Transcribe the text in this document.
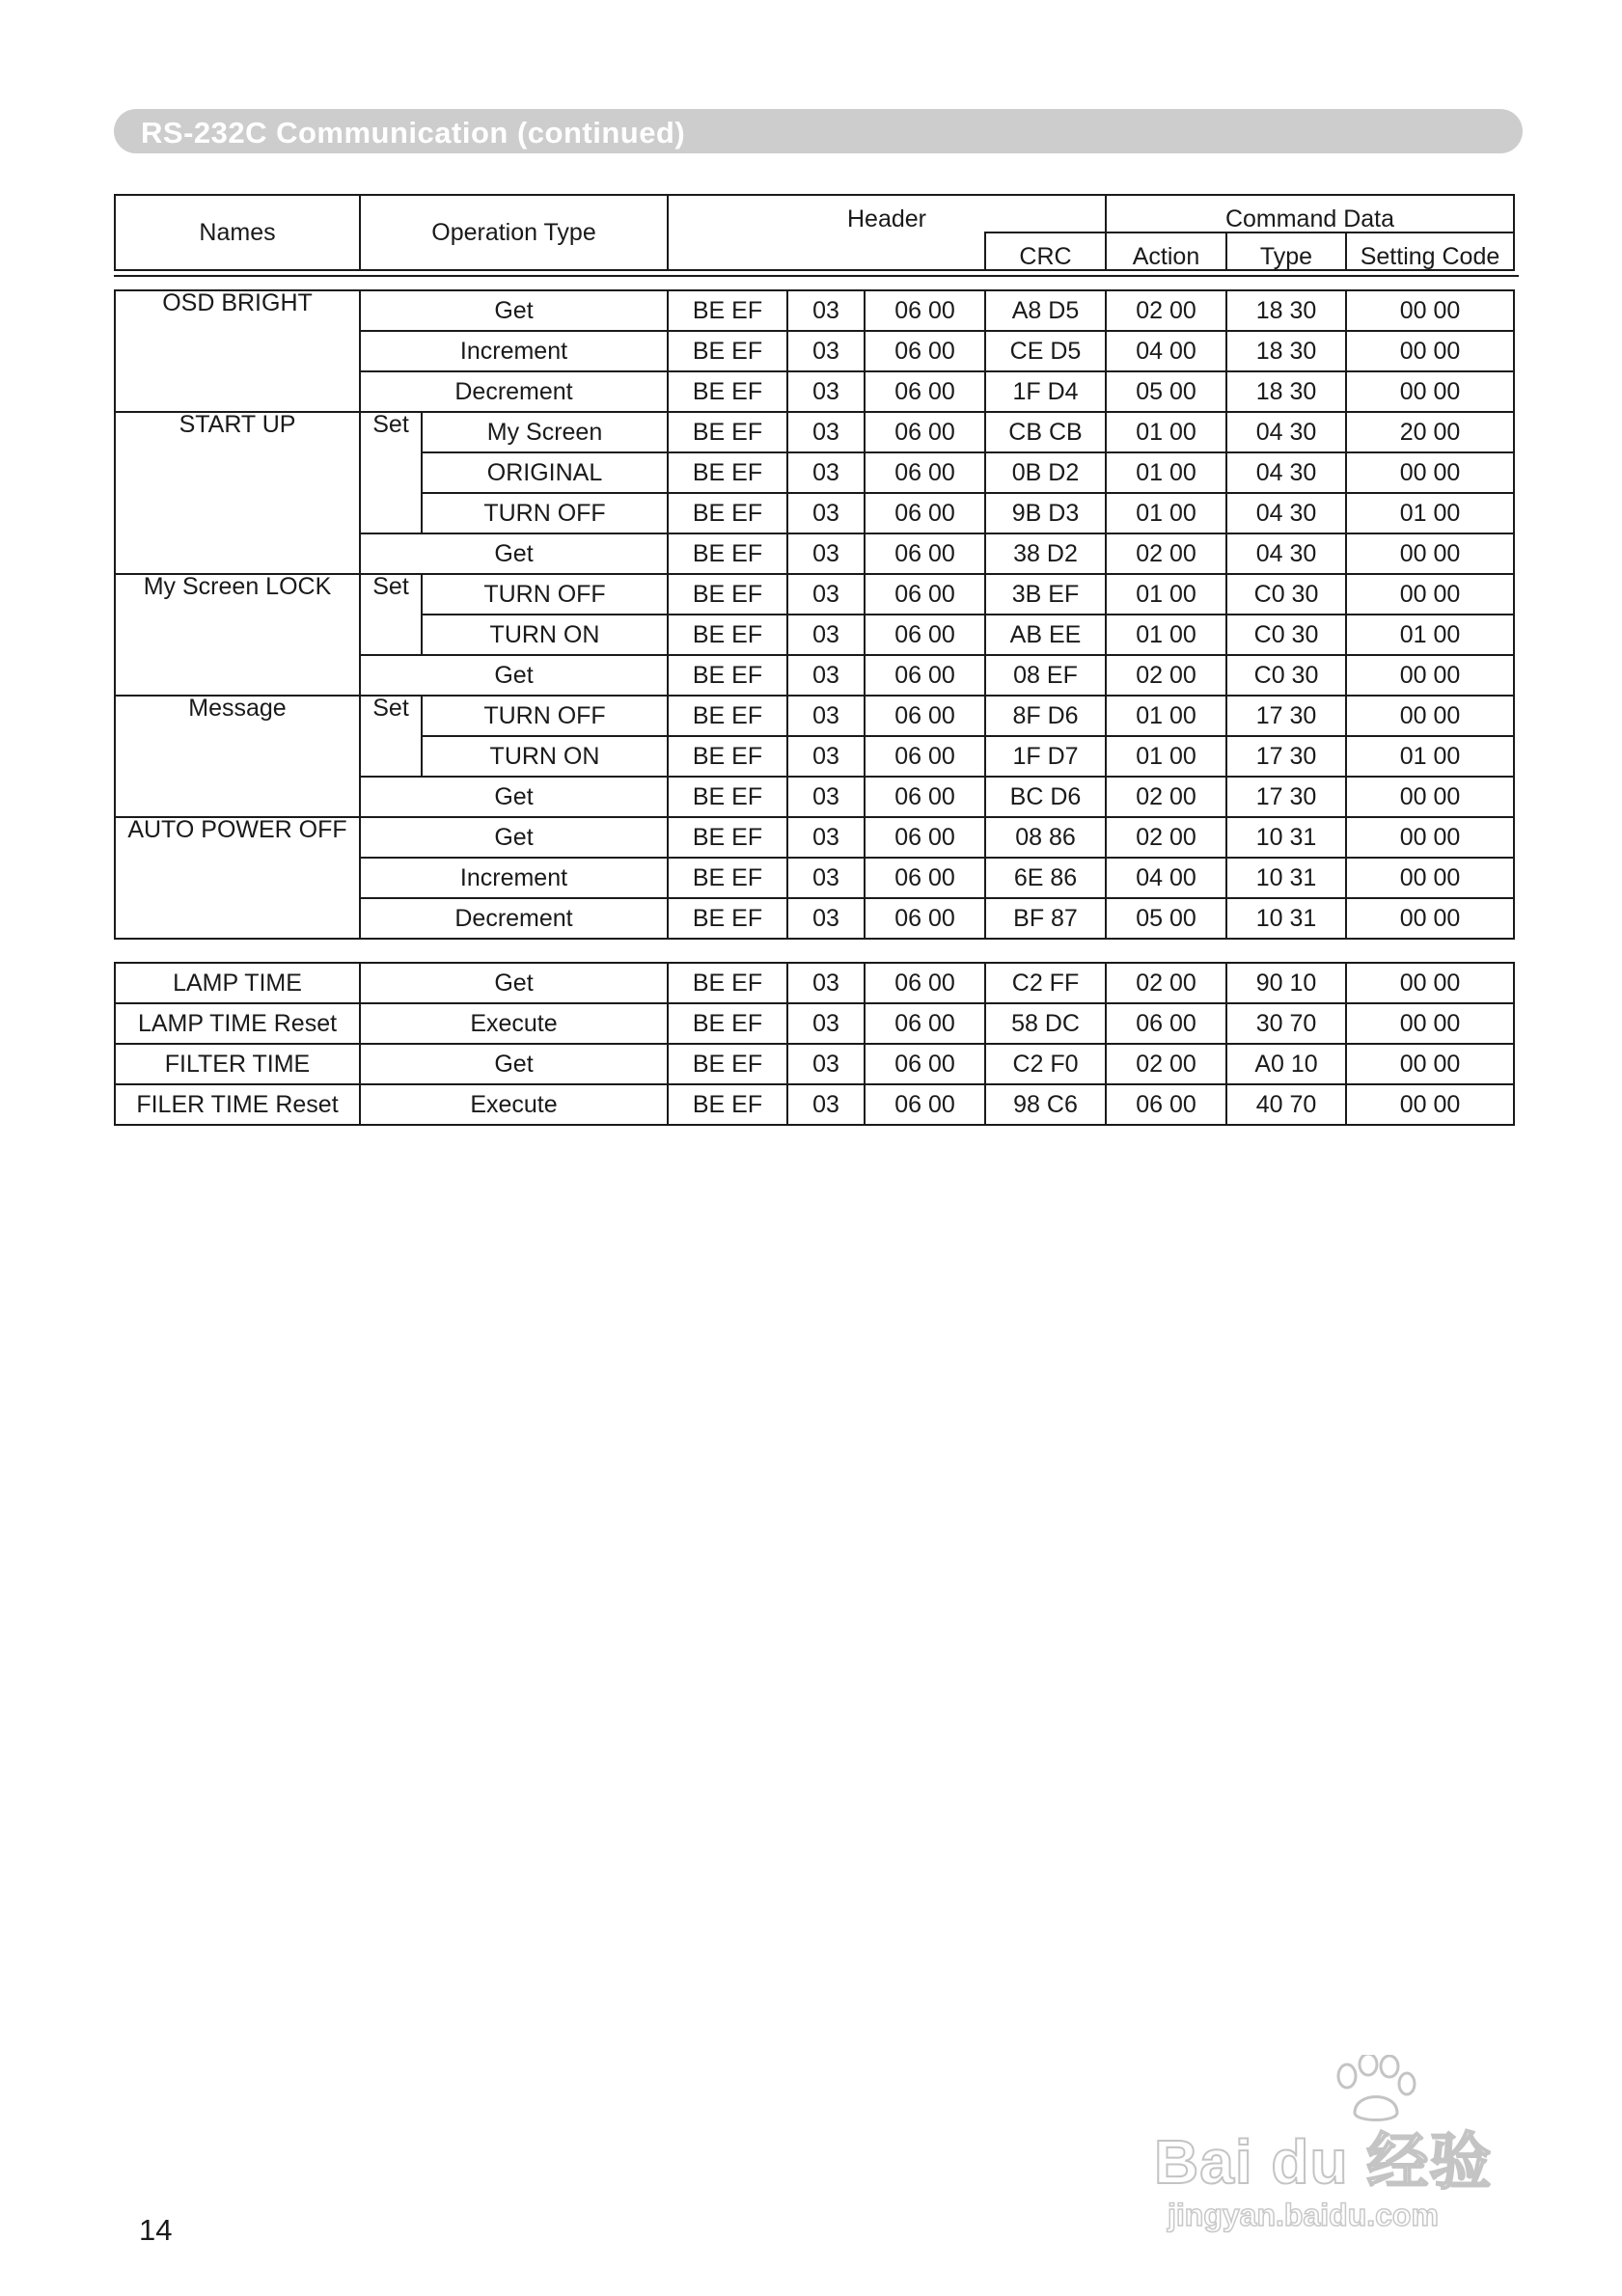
RS-232C Communication (continued)
Names	Operation Type	Header		Command Data		
			CRC	Action	Type	Setting Code
OSD BRIGHT	Get		BE EF	03	06 00	A8 D5	02 00	18 30	00 00
	Increment		BE EF	03	06 00	CE D5	04 00	18 30	00 00
	Decrement		BE EF	03	06 00	1F D4	05 00	18 30	00 00
START UP	Set	My Screen	BE EF	03	06 00	CB CB	01 00	04 30	20 00
		ORIGINAL	BE EF	03	06 00	0B D2	01 00	04 30	00 00
		TURN OFF	BE EF	03	06 00	9B D3	01 00	04 30	01 00
	Get		BE EF	03	06 00	38 D2	02 00	04 30	00 00
My Screen LOCK	Set	TURN OFF	BE EF	03	06 00	3B EF	01 00	C0 30	00 00
		TURN ON	BE EF	03	06 00	AB EE	01 00	C0 30	01 00
	Get		BE EF	03	06 00	08 EF	02 00	C0 30	00 00
Message	Set	TURN OFF	BE EF	03	06 00	8F D6	01 00	17 30	00 00
		TURN ON	BE EF	03	06 00	1F D7	01 00	17 30	01 00
	Get		BE EF	03	06 00	BC D6	02 00	17 30	00 00
AUTO POWER OFF	Get		BE EF	03	06 00	08 86	02 00	10 31	00 00
	Increment		BE EF	03	06 00	6E 86	04 00	10 31	00 00
	Decrement		BE EF	03	06 00	BF 87	05 00	10 31	00 00
LAMP TIME	Get	BE EF	03	06 00	C2 FF	02 00	90 10	00 00
LAMP TIME Reset	Execute	BE EF	03	06 00	58 DC	06 00	30 70	00 00
FILTER TIME	Get	BE EF	03	06 00	C2 F0	02 00	A0 10	00 00
FILER TIME Reset	Execute	BE EF	03	06 00	98 C6	06 00	40 70	00 00
14
Bai du 经验
jingyan.baidu.com
